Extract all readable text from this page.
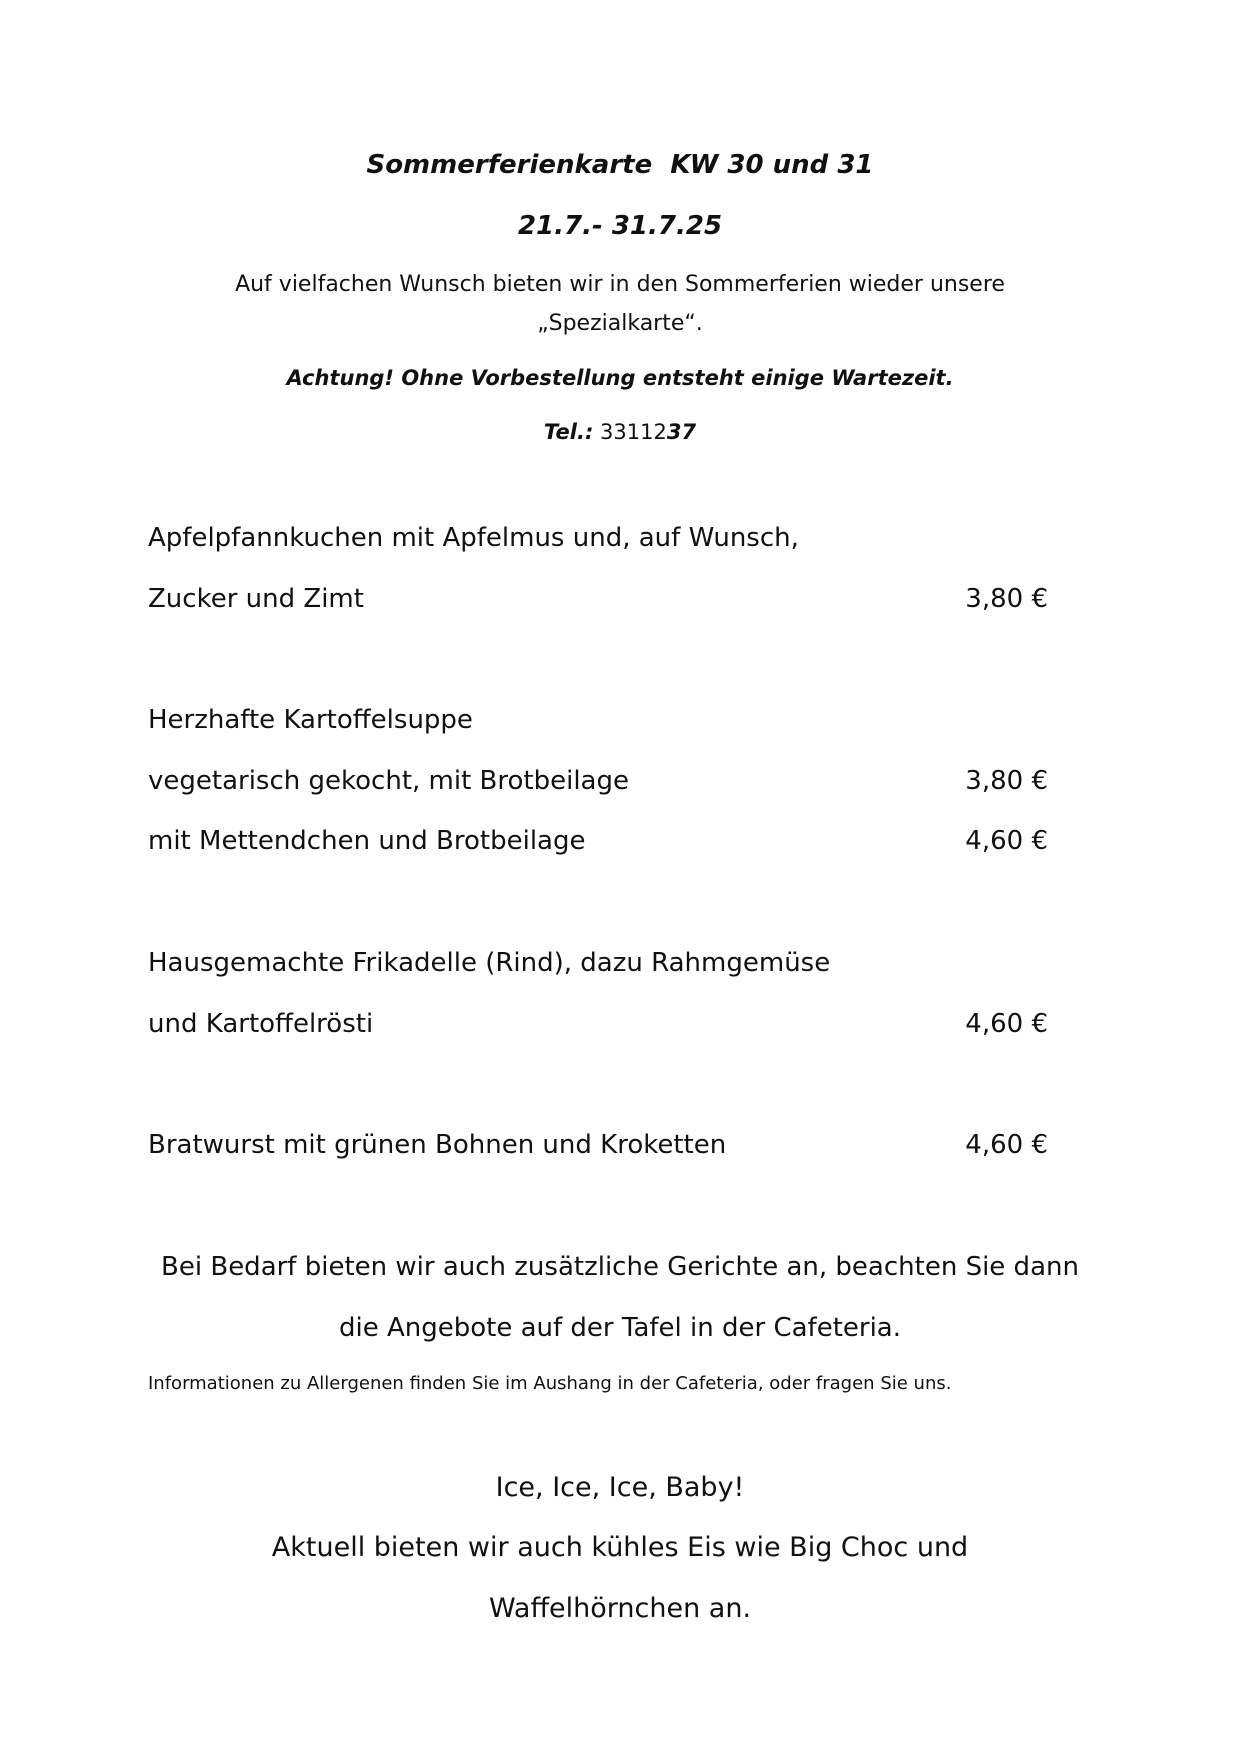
Sommerferienkarte KW 30 und 31
21.7.- 31.7.25
Auf vielfachen Wunsch bieten wir in den Sommerferien wieder unsere
„Spezialkarte“.
Achtung! Ohne Vorbestellung entsteht einige Wartezeit.
Tel.: 3311237
Apfelpfannkuchen mit Apfelmus und, auf Wunsch,
Zucker und Zimt	3,80 €
Herzhafte Kartoffelsuppe
vegetarisch gekocht, mit Brotbeilage	3,80 €
mit Mettendchen und Brotbeilage	4,60 €
Hausgemachte Frikadelle (Rind), dazu Rahmgemüse
und Kartoffelrösti	4,60 €
Bratwurst mit grünen Bohnen und Kroketten	4,60 €
Bei Bedarf bieten wir auch zusätzliche Gerichte an, beachten Sie dann
die Angebote auf der Tafel in der Cafeteria.
Informationen zu Allergenen finden Sie im Aushang in der Cafeteria, oder fragen Sie uns.
Ice, Ice, Ice, Baby!
Aktuell bieten wir auch kühles Eis wie Big Choc und
Waffelhörnchen an.
